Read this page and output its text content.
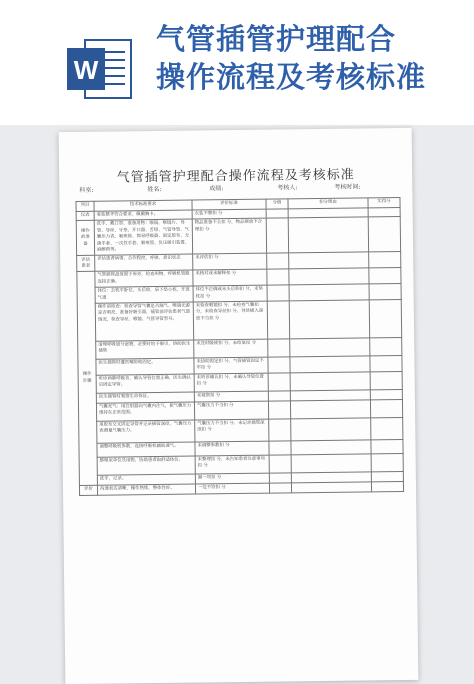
W
气管插管护理配合
操作流程及考核标准
气管插管护理配合操作流程及考核标准
科室:	姓名:	成绩:	考核人:	考核时间:
项目	技术标准要求	评价标准	分值	扣分理由	实得分
仪表	着装整齐符合要求，佩戴胸卡。	衣装不整扣 分			
操作前准备	洗手，戴口罩、准备用物：喉镜、喉镜片、导管、导丝、牙垫、开口器、舌钳、气管导管、气囊压力表、吸痰管、简易呼吸器、固定胶布、无菌手套、一次性手套、吸痰管、负压吸引装置、麻醉药等。	物品准备不全扣 分，物品摆放不合理扣 分			
评估患者	评估患者病情、合作程度、呼吸、意识状态	未评估扣 分			
操作步骤	气管插管盘放置于床旁，检查用物，呼吸机管路连接正确。	未核对或未解释扣 分			
	体位：去枕平卧位，头后仰，肩下垫小枕，开放气道	体位不正确或未头后仰扣 分，未垫枕扣 分			
	操作前检查：检查导管气囊是否漏气、喉镜光源是否明亮，准备好吸引器，插管前评估患者气道情况，检查导丝、喉镜、气管导管型号。	未检查喉镜扣 分，未检查气囊扣 分，未检查导丝扣 分，导丝插入深度不当扣 分			
	清理呼吸道分泌物，必要时给予吸引，协助医生插管	未及时吸痰扣 分，未给氧扣 分			
	医生插管时遵医嘱协助固定。	未协助固定扣 分，气管插管固定不牢扣 分			
	听诊两肺呼吸音，确认导管位置正确，医生确认后固定导管。	未听诊确认扣 分，未确认导管位置扣 分			
	医生插管时观察生命体征。	未观察扣 分			
	气囊充气：用注射器向气囊内注气，使气囊压力维持在正常范围。	气囊压力不当扣 分			
	用胶布交叉固定导管并记录插管深度，气囊压力表测量气囊压力。	气囊压力不当扣 分，未记录插管深度扣 分			
	调整呼吸机参数，连接呼吸机辅助通气。	未调整参数扣 分			
	整理床单位及用物，协助患者取舒适体位。	未整理扣 分，未告知患者注意事项扣 分			
	洗手，记录。	漏一项扣 分			
评价	沟通表达清晰，操作熟练，整体性好。	一处不符扣 分			
